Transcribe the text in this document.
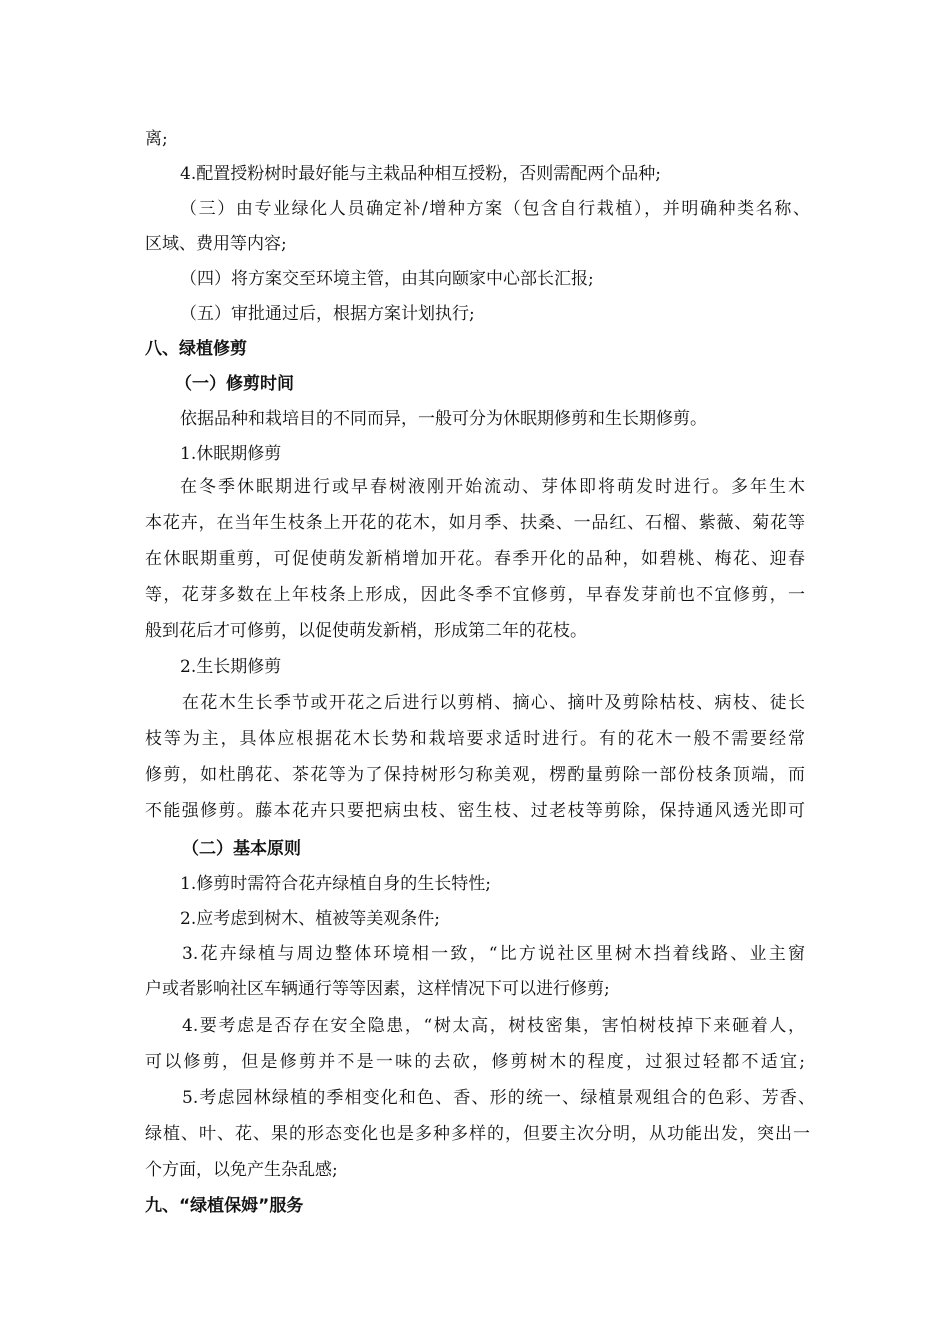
离;
4.配置授粉树时最好能与主栽品种相互授粉，否则需配两个品种;
（三）由专业绿化人员确定补/增种方案（包含自行栽植），并明确种类名称、
区域、费用等内容;
（四）将方案交至环境主管，由其向颐家中心部长汇报;
（五）审批通过后，根据方案计划执行;
八、绿植修剪
（一）修剪时间
依据品种和栽培目的不同而异，一般可分为休眠期修剪和生长期修剪。
1.休眠期修剪
在冬季休眠期进行或早春树液刚开始流动、芽体即将萌发时进行。多年生木
本花卉，在当年生枝条上开花的花木，如月季、扶桑、一品红、石榴、紫薇、菊花等
在休眠期重剪，可促使萌发新梢增加开花。春季开化的品种，如碧桃、梅花、迎春
等，花芽多数在上年枝条上形成，因此冬季不宜修剪，早春发芽前也不宜修剪，一
般到花后才可修剪，以促使萌发新梢，形成第二年的花枝。
2.生长期修剪
在花木生长季节或开花之后进行以剪梢、摘心、摘叶及剪除枯枝、病枝、徒长
枝等为主，具体应根据花木长势和栽培要求适时进行。有的花木一般不需要经常
修剪，如杜鹃花、茶花等为了保持树形匀称美观，楞酌量剪除一部份枝条顶端，而
不能强修剪。藤本花卉只要把病虫枝、密生枝、过老枝等剪除，保持通风透光即可
（二）基本原则
1.修剪时需符合花卉绿植自身的生长特性;
2.应考虑到树木、植被等美观条件;
3.花卉绿植与周边整体环境相一致，“比方说社区里树木挡着线路、业主窗
户或者影响社区车辆通行等等因素，这样情况下可以进行修剪;
4.要考虑是否存在安全隐患，“树太高，树枝密集，害怕树枝掉下来砸着人，
可以修剪，但是修剪并不是一味的去砍，修剪树木的程度，过狠过轻都不适宜;
5.考虑园林绿植的季相变化和色、香、形的统一、绿植景观组合的色彩、芳香、
绿植、叶、花、果的形态变化也是多种多样的，但要主次分明，从功能出发，突出一
个方面，以免产生杂乱感;
九、“绿植保姆”服务
